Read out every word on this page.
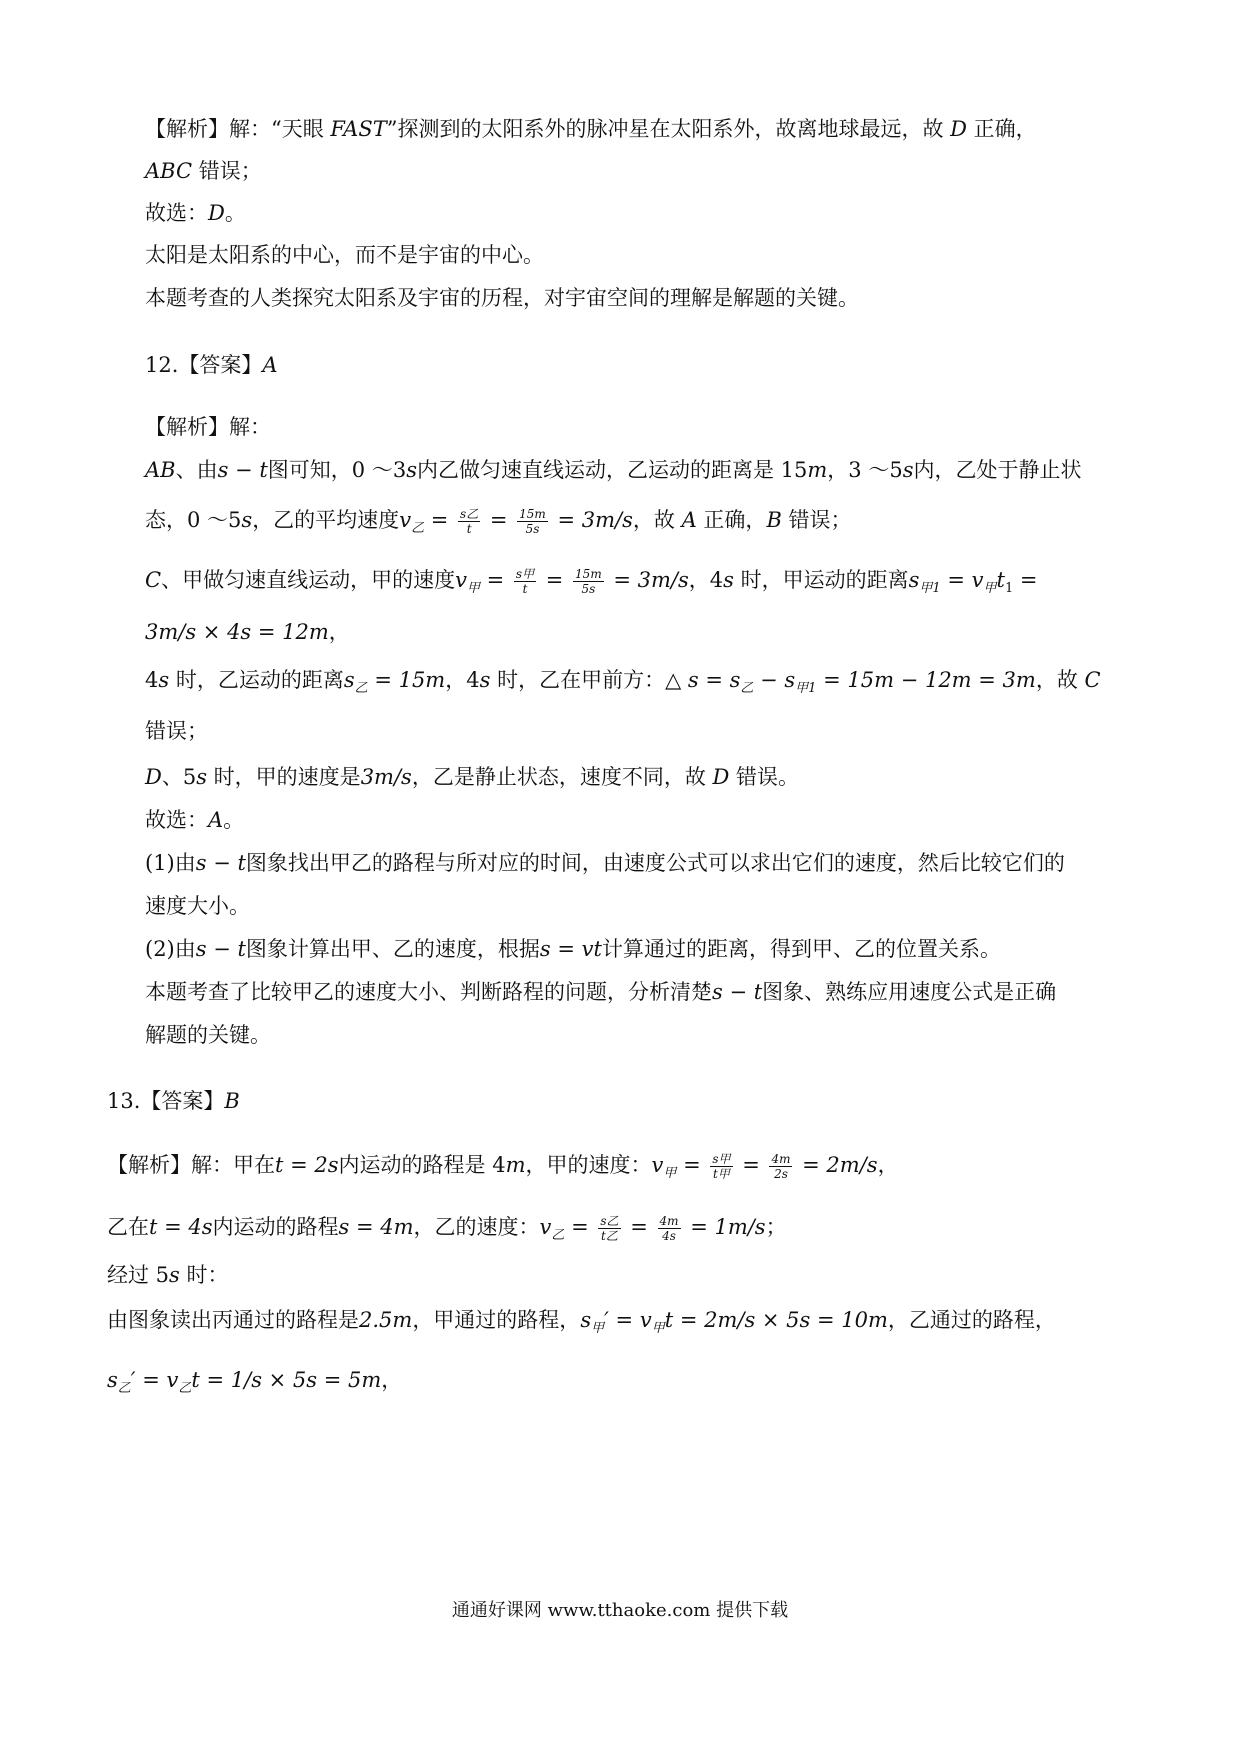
【解析】解：“天眼 FAST”探测到的太阳系外的脉冲星在太阳系外，故离地球最远，故 D 正确，
ABC 错误；
故选：D。
太阳是太阳系的中心，而不是宇宙的中心。
本题考查的人类探究太阳系及宇宙的历程，对宇宙空间的理解是解题的关键。
12.【答案】A
【解析】解：
AB、由s − t图可知，0 ～3s内乙做匀速直线运动，乙运动的距离是 15m，3 ～5s内，乙处于静止状
态，0 ～5s，乙的平均速度$v_乙 = \frac{\text{s乙}}{t} = \frac{15m}{5s} = 3m/s$，故 A 正确，B 错误；
C、甲做匀速直线运动，甲的速度$v_甲 = \frac{\text{s甲}}{t} = \frac{15m}{5s} = 3m/s$，4s 时，甲运动的距离$s_{甲1} = v_甲t_1$ =
3m/s × 4s = 12m，
4s 时，乙运动的距离$s_乙 = 15m$，4s 时，乙在甲前方：△ $s = s_乙 - s_{甲1} = 15m - 12m = 3m$，故 C
错误；
D、5s 时，甲的速度是3m/s，乙是静止状态，速度不同，故 D 错误。
故选：A。
(1)由s − t图象找出甲乙的路程与所对应的时间，由速度公式可以求出它们的速度，然后比较它们的
速度大小。
(2)由s − t图象计算出甲、乙的速度，根据s = vt计算通过的距离，得到甲、乙的位置关系。
本题考查了比较甲乙的速度大小、判断路程的问题，分析清楚s − t图象、熟练应用速度公式是正确
解题的关键。
13.【答案】B
【解析】解：甲在t = 2s内运动的路程是 4m，甲的速度：$v_甲 = \frac{\text{s甲}}{\text{t甲}} = \frac{4m}{2s} = 2m/s$，
乙在t = 4s内运动的路程s = 4m，乙的速度：$v_乙 = \frac{\text{s乙}}{\text{t乙}} = \frac{4m}{4s} = 1m/s$；
经过 5s 时：
由图象读出丙通过的路程是2.5m，甲通过的路程，$s_甲' = v_甲t = 2m/s \times 5s = 10m$，乙通过的路程，
$s_乙' = v_乙t = 1/s \times 5s = 5m$，
通通好课网 www.tthaoke.com 提供下载
